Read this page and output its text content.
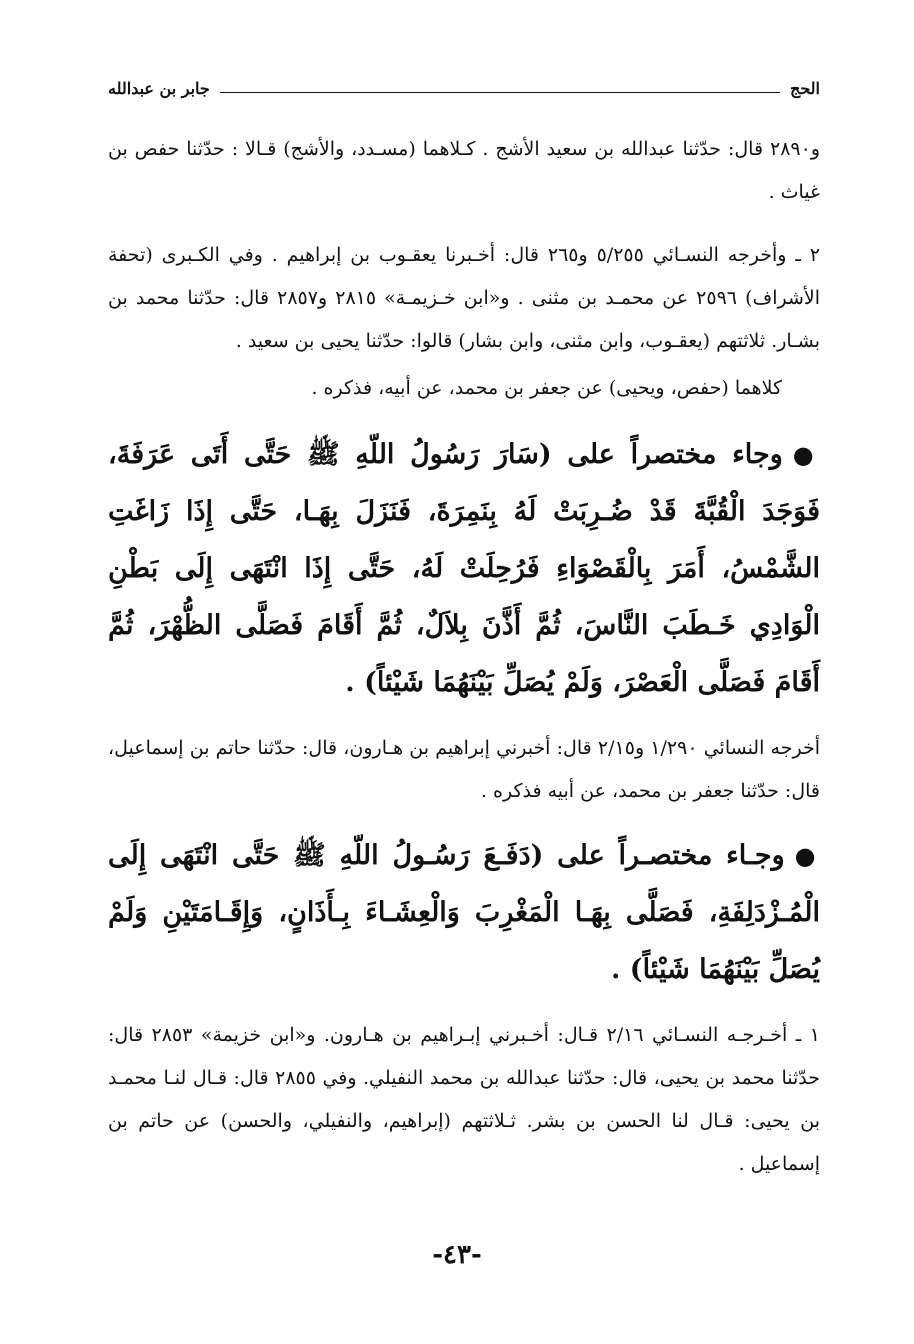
الحج
جابر بن عبدالله

و٢٨٩٠ قال: حدّثنا عبدالله بن سعيد الأشج . كـلاهما (مسـدد، والأشج) قـالا : حدّثنا حفص بن غياث .

٢ ـ وأخرجه النسـائي ٥/٢٥٥ و٢٦٥ قال: أخـبرنا يعقـوب بن إبراهيم . وفي الكـبرى (تحفة الأشراف) ٢٥٩٦ عن محمـد بن مثنى . و«ابن خـزيمـة» ٢٨١٥ و٢٨٥٧ قال: حدّثنا محمد بن بشـار. ثلاثتهم (يعقـوب، وابن مثنى، وابن بشار) قالوا: حدّثنا يحيى بن سعيد .

كلاهما (حفص، ويحيى) عن جعفر بن محمد، عن أبيه، فذكره .

●وجاء مختصراً على (سَارَ رَسُولُ اللّهِ ﷺ حَتَّى أَتَى عَرَفَةَ، فَوَجَدَ الْقُبَّةَ قَدْ ضُـرِبَتْ لَهُ بِنَمِرَةَ، فَنَزَلَ بِهَـا، حَتَّى إِذَا زَاغَتِ الشَّمْسُ، أَمَرَ بِالْقَصْوَاءِ فَرُحِلَتْ لَهُ، حَتَّى إِذَا انْتَهَى إِلَى بَطْنِ الْوَادِي خَـطَبَ النَّاسَ، ثُمَّ أَذَّنَ بِلاَلٌ، ثُمَّ أَقَامَ فَصَلَّى الظُّهْرَ، ثُمَّ أَقَامَ فَصَلَّى الْعَصْرَ، وَلَمْ يُصَلِّ بَيْنَهُمَا شَيْئاً) .

أخرجه النسائي ١/٢٩٠ و٢/١٥ قال: أخبرني إبراهيم بن هـارون، قال: حدّثنا حاتم بن إسماعيل، قال: حدّثنا جعفر بن محمد، عن أبيه فذكره .

●وجـاء مختصـراً على (دَفَـعَ رَسُـولُ اللّهِ ﷺ حَتَّى انْتَهَى إِلَى الْمُـزْدَلِفَةِ، فَصَلَّى بِهَـا الْمَغْرِبَ وَالْعِشَـاءَ بِـأَذَانٍ، وَإِقَـامَتَيْنِ وَلَمْ يُصَلِّ بَيْنَهُمَا شَيْئاً) .

١ ـ أخـرجـه النسـائي ٢/١٦ قـال: أخـبرني إبـراهيم بن هـارون. و«ابن خزيمة» ٢٨٥٣ قال: حدّثنا محمد بن يحيى، قال: حدّثنا عبدالله بن محمد النفيلي. وفي ٢٨٥٥ قال: قـال لنـا محمـد بن يحيى: قـال لنا الحسن بن بشر. ثـلاثتهم (إبراهيم، والنفيلي، والحسن) عن حاتم بن إسماعيل .

-٤٣-
